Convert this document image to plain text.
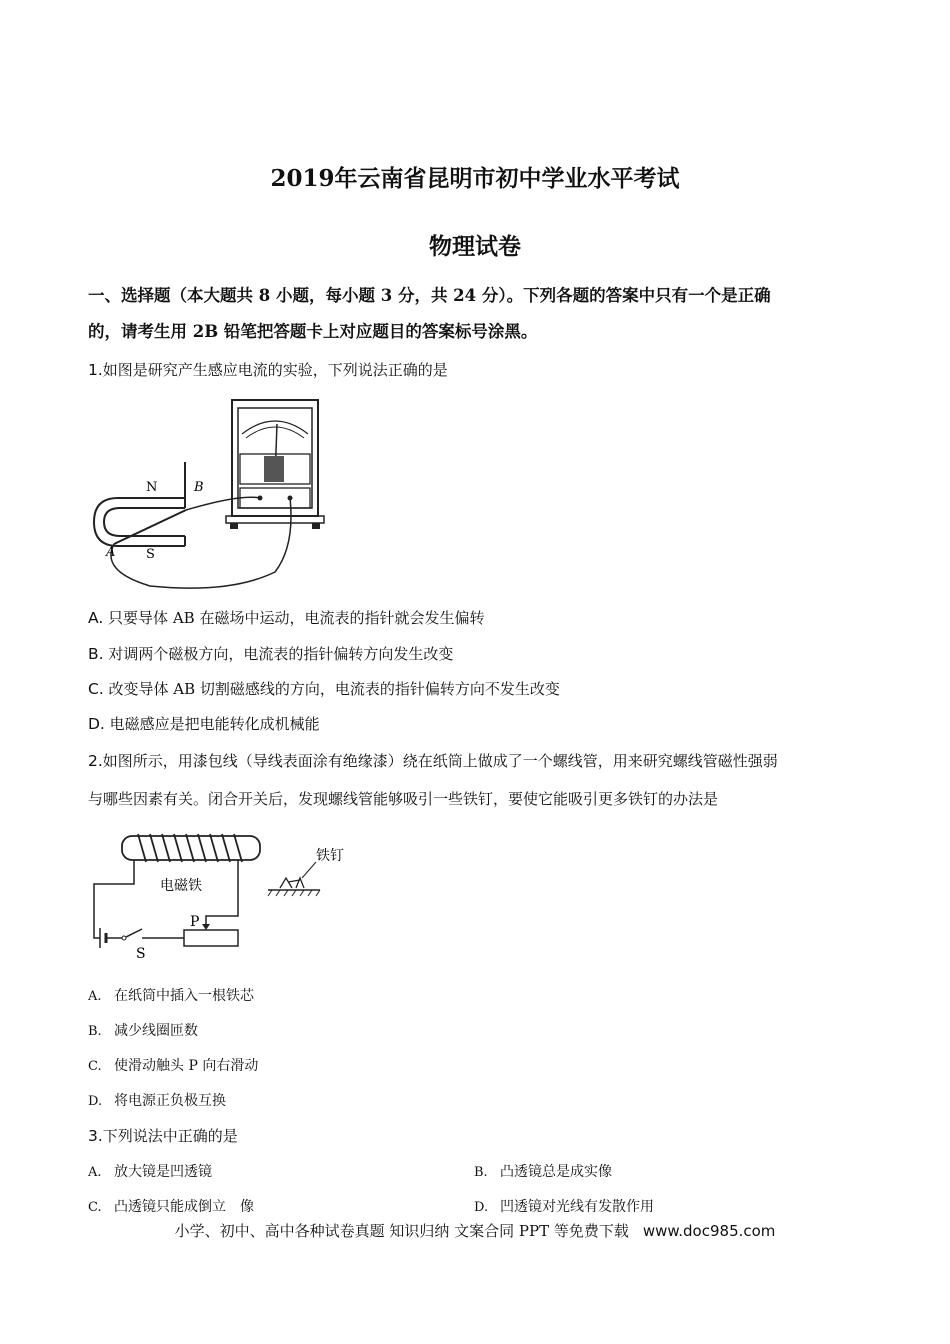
2019年云南省昆明市初中学业水平考试
物理试卷
一、选择题（本大题共 8 小题，每小题 3 分，共 24 分）。下列各题的答案中只有一个是正确
的，请考生用 2B 铅笔把答题卡上对应题目的答案标号涂黑。
1.如图是研究产生感应电流的实验，下列说法正确的是
N	B
A S
A. 只要导体 AB 在磁场中运动，电流表的指针就会发生偏转
B. 对调两个磁极方向，电流表的指针偏转方向发生改变
C. 改变导体 AB 切割磁感线的方向，电流表的指针偏转方向不发生改变
D. 电磁感应是把电能转化成机械能
2.如图所示，用漆包线（导线表面涂有绝缘漆）绕在纸筒上做成了一个螺线管，用来研究螺线管磁性强弱
与哪些因素有关。闭合开关后，发现螺线管能够吸引一些铁钉，要使它能吸引更多铁钉的办法是
电磁铁
铁钉
P
S
A. 在纸筒中插入一根铁芯
B. 减少线圈匝数
C. 使滑动触头 P 向右滑动
D. 将电源正负极互换
3.下列说法中正确的是
A. 放大镜是凹透镜	B. 凸透镜总是成实像
C. 凸透镜只能成倒立　像	D. 凹透镜对光线有发散作用
小学、初中、高中各种试卷真题 知识归纳 文案合同 PPT 等免费下载 www.doc985.com
